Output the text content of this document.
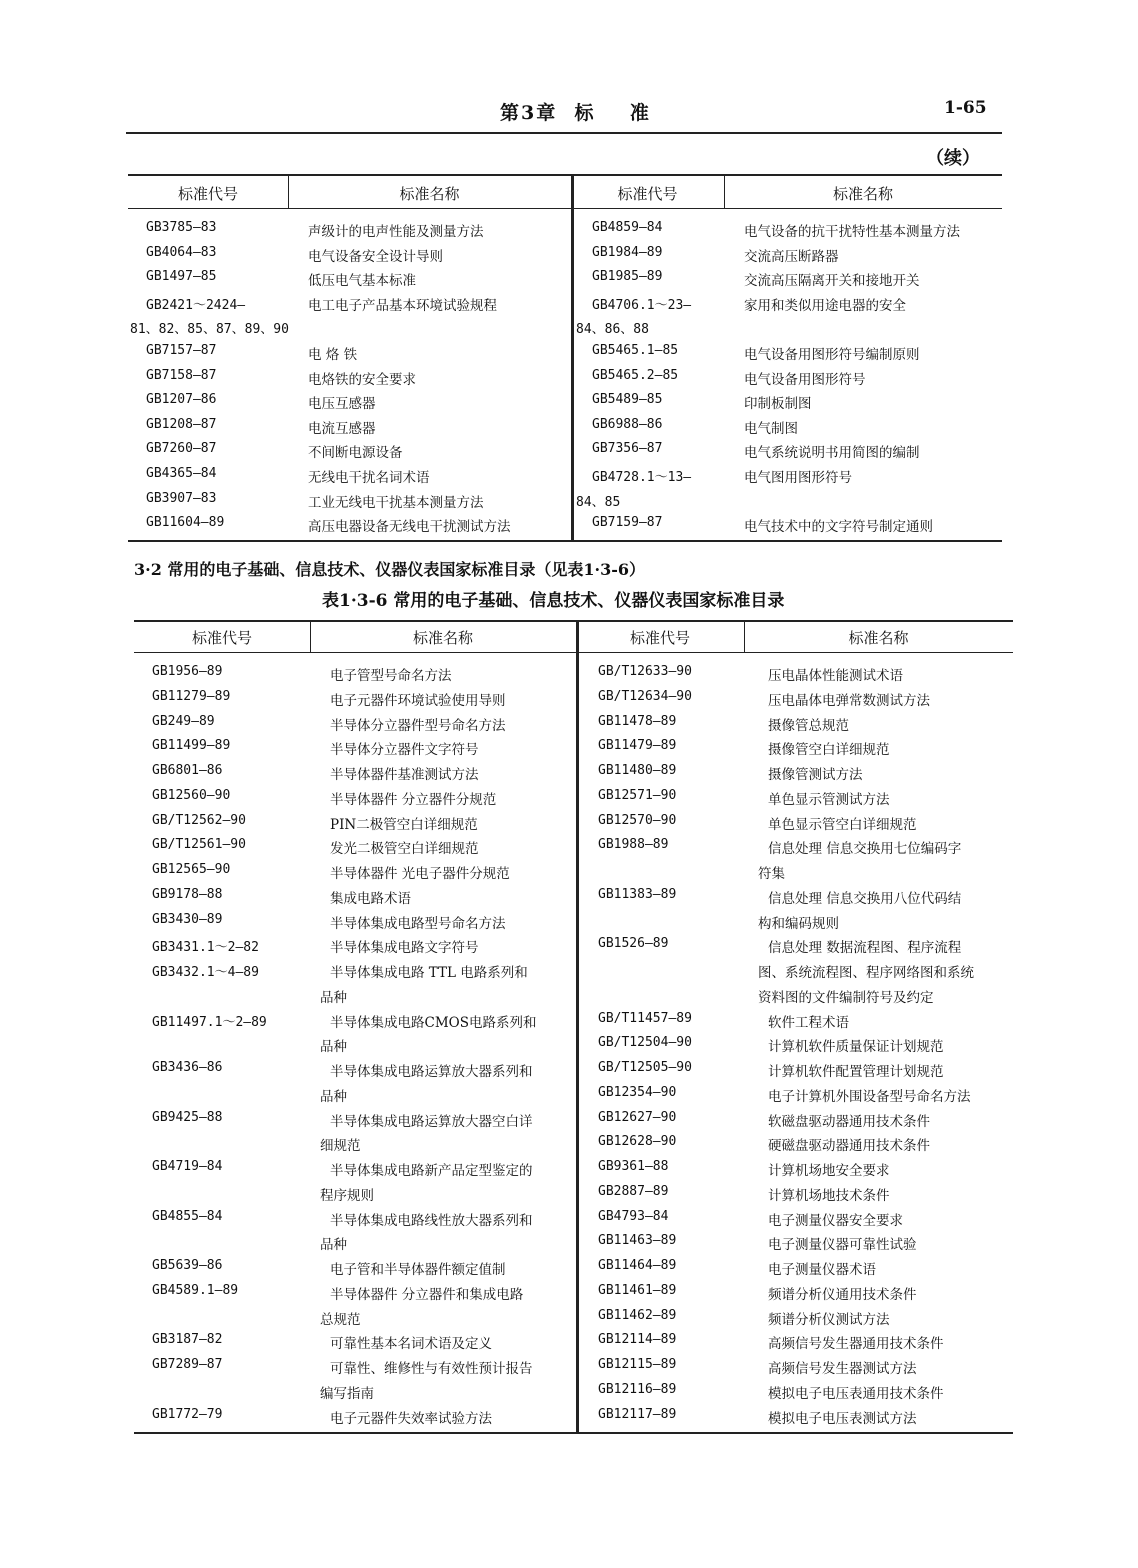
第3章  标    准	1-65
（续）
标准代号	标准名称	标准代号	标准名称
GB3785—83	声级计的电声性能及测量方法
GB4064—83	电气设备安全设计导则
GB1497—85	低压电气基本标准
GB2421～2424—	电工电子产品基本环境试验规程
81、82、85、87、89、90
GB7157—87	电 烙 铁
GB7158—87	电烙铁的安全要求
GB1207—86	电压互感器
GB1208—87	电流互感器
GB7260—87	不间断电源设备
GB4365—84	无线电干扰名词术语
GB3907—83	工业无线电干扰基本测量方法
GB11604—89	高压电器设备无线电干扰测试方法
GB4859—84	电气设备的抗干扰特性基本测量方法
GB1984—89	交流高压断路器
GB1985—89	交流高压隔离开关和接地开关
GB4706.1～23—	家用和类似用途电器的安全
84、86、88
GB5465.1—85	电气设备用图形符号编制原则
GB5465.2—85	电气设备用图形符号
GB5489—85	印制板制图
GB6988—86	电气制图
GB7356—87	电气系统说明书用简图的编制
GB4728.1～13—	电气图用图形符号
84、85
GB7159—87	电气技术中的文字符号制定通则
3·2 常用的电子基础、信息技术、仪器仪表国家标准目录（见表1·3-6）
表1·3-6 常用的电子基础、信息技术、仪器仪表国家标准目录
标准代号	标准名称	标准代号	标准名称
GB1956—89	电子管型号命名方法
GB11279—89	电子元器件环境试验使用导则
GB249—89	半导体分立器件型号命名方法
GB11499—89	半导体分立器件文字符号
GB6801—86	半导体器件基准测试方法
GB12560—90	半导体器件 分立器件分规范
GB/T12562—90	PIN二极管空白详细规范
GB/T12561—90	发光二极管空白详细规范
GB12565—90	半导体器件 光电子器件分规范
GB9178—88	集成电路术语
GB3430—89	半导体集成电路型号命名方法
GB3431.1～2—82	半导体集成电路文字符号
GB3432.1～4—89	半导体集成电路 TTL 电路系列和
品种
GB11497.1～2—89	半导体集成电路CMOS电路系列和
品种
GB3436—86	半导体集成电路运算放大器系列和
品种
GB9425—88	半导体集成电路运算放大器空白详
细规范
GB4719—84	半导体集成电路新产品定型鉴定的
程序规则
GB4855—84	半导体集成电路线性放大器系列和
品种
GB5639—86	电子管和半导体器件额定值制
GB4589.1—89	半导体器件 分立器件和集成电路
总规范
GB3187—82	可靠性基本名词术语及定义
GB7289—87	可靠性、维修性与有效性预计报告
编写指南
GB1772—79	电子元器件失效率试验方法
GB/T12633—90	压电晶体性能测试术语
GB/T12634—90	压电晶体电弹常数测试方法
GB11478—89	摄像管总规范
GB11479—89	摄像管空白详细规范
GB11480—89	摄像管测试方法
GB12571—90	单色显示管测试方法
GB12570—90	单色显示管空白详细规范
GB1988—89	信息处理 信息交换用七位编码字
符集
GB11383—89	信息处理 信息交换用八位代码结
构和编码规则
GB1526—89	信息处理 数据流程图、程序流程
图、系统流程图、程序网络图和系统
资料图的文件编制符号及约定
GB/T11457—89	软件工程术语
GB/T12504—90	计算机软件质量保证计划规范
GB/T12505—90	计算机软件配置管理计划规范
GB12354—90	电子计算机外围设备型号命名方法
GB12627—90	软磁盘驱动器通用技术条件
GB12628—90	硬磁盘驱动器通用技术条件
GB9361—88	计算机场地安全要求
GB2887—89	计算机场地技术条件
GB4793—84	电子测量仪器安全要求
GB11463—89	电子测量仪器可靠性试验
GB11464—89	电子测量仪器术语
GB11461—89	频谱分析仪通用技术条件
GB11462—89	频谱分析仪测试方法
GB12114—89	高频信号发生器通用技术条件
GB12115—89	高频信号发生器测试方法
GB12116—89	模拟电子电压表通用技术条件
GB12117—89	模拟电子电压表测试方法
